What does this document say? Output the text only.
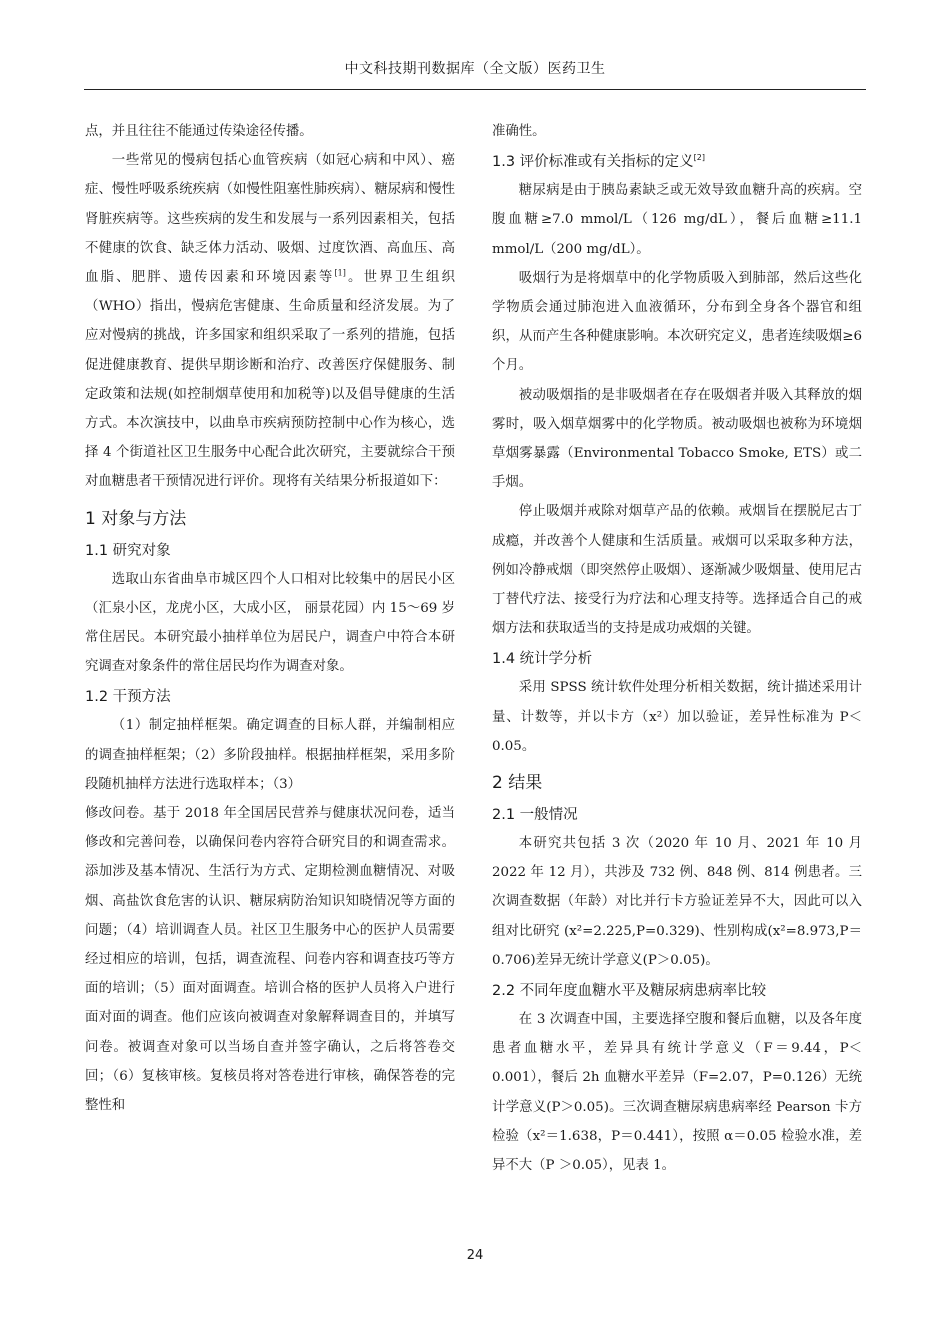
中文科技期刊数据库（全文版）医药卫生

点，并且往往不能通过传染途径传播。

一些常见的慢病包括心血管疾病（如冠心病和中风）、癌症、慢性呼吸系统疾病（如慢性阻塞性肺疾病）、糖尿病和慢性肾脏疾病等。这些疾病的发生和发展与一系列因素相关，包括不健康的饮食、缺乏体力活动、吸烟、过度饮酒、高血压、高血脂、肥胖、遗传因素和环境因素等[1]。世界卫生组织（WHO）指出，慢病危害健康、生命质量和经济发展。为了应对慢病的挑战，许多国家和组织采取了一系列的措施，包括促进健康教育、提供早期诊断和治疗、改善医疗保健服务、制定政策和法规(如控制烟草使用和加税等)以及倡导健康的生活方式。本次演技中，以曲阜市疾病预防控制中心作为核心，选择 4 个街道社区卫生服务中心配合此次研究，主要就综合干预对血糖患者干预情况进行评价。现将有关结果分析报道如下：

1 对象与方法
1.1 研究对象

选取山东省曲阜市城区四个人口相对比较集中的居民小区（汇泉小区，龙虎小区，大成小区， 丽景花园）内 15～69 岁常住居民。本研究最小抽样单位为居民户，调查户中符合本研究调查对象条件的常住居民均作为调查对象。

1.2 干预方法

（1）制定抽样框架。确定调查的目标人群，并编制相应的调查抽样框架；（2）多阶段抽样。根据抽样框架，采用多阶段随机抽样方法进行选取样本；（3）

修改问卷。基于 2018 年全国居民营养与健康状况问卷，适当修改和完善问卷，以确保问卷内容符合研究目的和调查需求。添加涉及基本情况、生活行为方式、定期检测血糖情况、对吸烟、高盐饮食危害的认识、糖尿病防治知识知晓情况等方面的问题；（4）培训调查人员。社区卫生服务中心的医护人员需要经过相应的培训，包括，调查流程、问卷内容和调查技巧等方面的培训；（5）面对面调查。培训合格的医护人员将入户进行面对面的调查。他们应该向被调查对象解释调查目的，并填写问卷。被调查对象可以当场自查并签字确认，之后将答卷交回；（6）复核审核。复核员将对答卷进行审核，确保答卷的完整性和

准确性。

1.3 评价标准或有关指标的定义[2]

糖尿病是由于胰岛素缺乏或无效导致血糖升高的疾病。空腹血糖≥7.0 mmol/L（126 mg/dL），餐后血糖≥11.1 mmol/L（200 mg/dL）。

吸烟行为是将烟草中的化学物质吸入到肺部，然后这些化学物质会通过肺泡进入血液循环，分布到全身各个器官和组织，从而产生各种健康影响。本次研究定义，患者连续吸烟≥6 个月。

被动吸烟指的是非吸烟者在存在吸烟者并吸入其释放的烟雾时，吸入烟草烟雾中的化学物质。被动吸烟也被称为环境烟草烟雾暴露（Environmental Tobacco Smoke, ETS）或二手烟。

停止吸烟并戒除对烟草产品的依赖。戒烟旨在摆脱尼古丁成瘾，并改善个人健康和生活质量。戒烟可以采取多种方法，例如冷静戒烟（即突然停止吸烟）、逐渐减少吸烟量、使用尼古丁替代疗法、接受行为疗法和心理支持等。选择适合自己的戒烟方法和获取适当的支持是成功戒烟的关键。

1.4 统计学分析

采用 SPSS 统计软件处理分析相关数据，统计描述采用计量、计数等，并以卡方（x²）加以验证，差异性标准为 P＜0.05。

2 结果
2.1 一般情况

本研究共包括 3 次（2020 年 10 月、2021 年 10 月 2022 年 12 月），共涉及 732 例、848 例、814 例患者。三次调查数据（年龄）对比并行卡方验证差异不大，因此可以入组对比研究 (x²=2.225,P=0.329)、性别构成(x²=8.973,P＝0.706)差异无统计学意义(P＞0.05)。

2.2 不同年度血糖水平及糖尿病患病率比较

在 3 次调查中国，主要选择空腹和餐后血糖，以及各年度患者血糖水平，差异具有统计学意义（F＝9.44，P＜0.001），餐后 2h 血糖水平差异（F=2.07，P=0.126）无统计学意义(P＞0.05)。三次调查糖尿病患病率经 Pearson 卡方检验（x²＝1.638，P＝0.441），按照 α＝0.05 检验水准，差异不大（P ＞0.05），见表 1。

24
